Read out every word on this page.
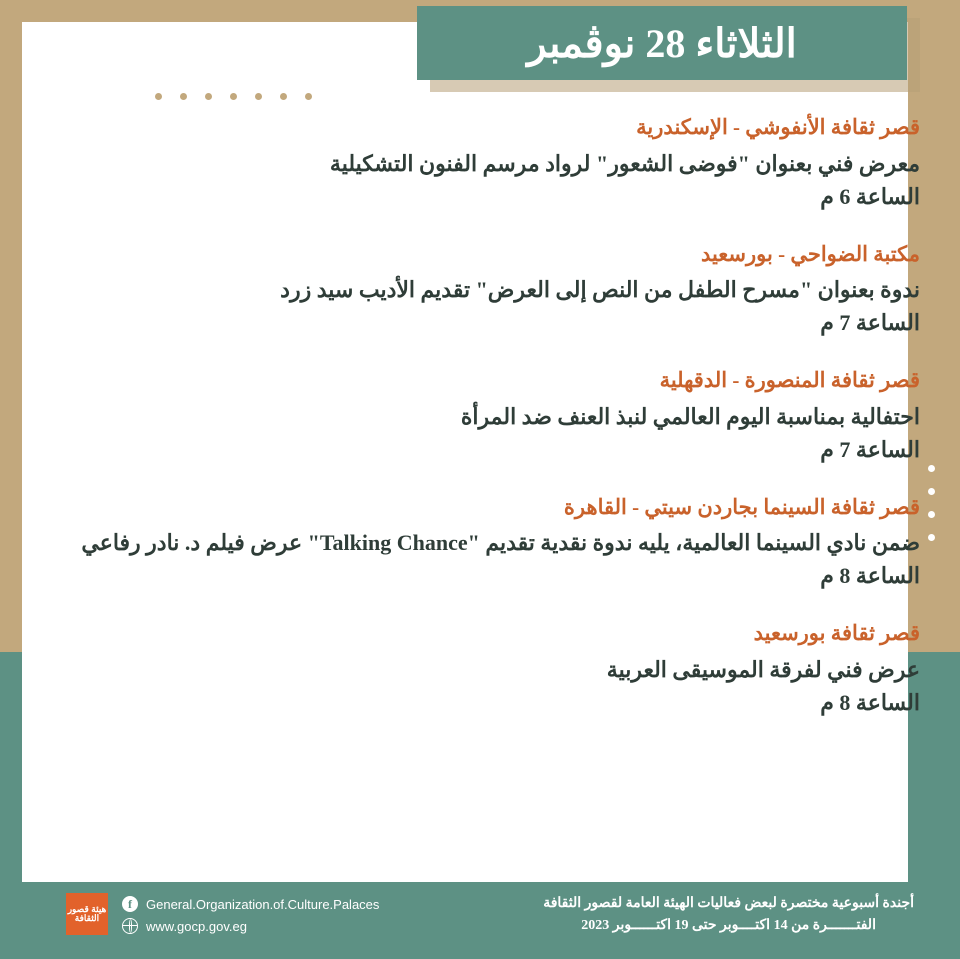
الثلاثاء 28 نوڤمبر
قصر ثقافة الأنفوشي - الإسكندرية
معرض فني بعنوان "فوضى الشعور" لرواد مرسم الفنون التشكيلية
الساعة 6 م
مكتبة الضواحي - بورسعيد
ندوة بعنوان "مسرح الطفل من النص إلى العرض" تقديم الأديب سيد زرد
الساعة 7 م
قصر ثقافة المنصورة - الدقهلية
احتفالية بمناسبة اليوم العالمي لنبذ العنف ضد المرأة
الساعة 7 م
قصر ثقافة السينما بجاردن سيتي - القاهرة
ضمن نادي السينما العالمية، يليه ندوة نقدية تقديم "Talking Chance" عرض فيلم د. نادر رفاعي
الساعة 8 م
قصر ثقافة بورسعيد
عرض فني لفرقة الموسيقى العربية
الساعة 8 م
هيئة قصور الثقافة
f	General.Organization.of.Culture.Palaces
www.gocp.gov.eg
أجندة أسبوعية مختصرة لبعض فعاليات الهيئة العامة لقصور الثقافة
الفتـــــــرة من 14 اكتــــوبر حتى 19 اكتــــــوبر 2023
